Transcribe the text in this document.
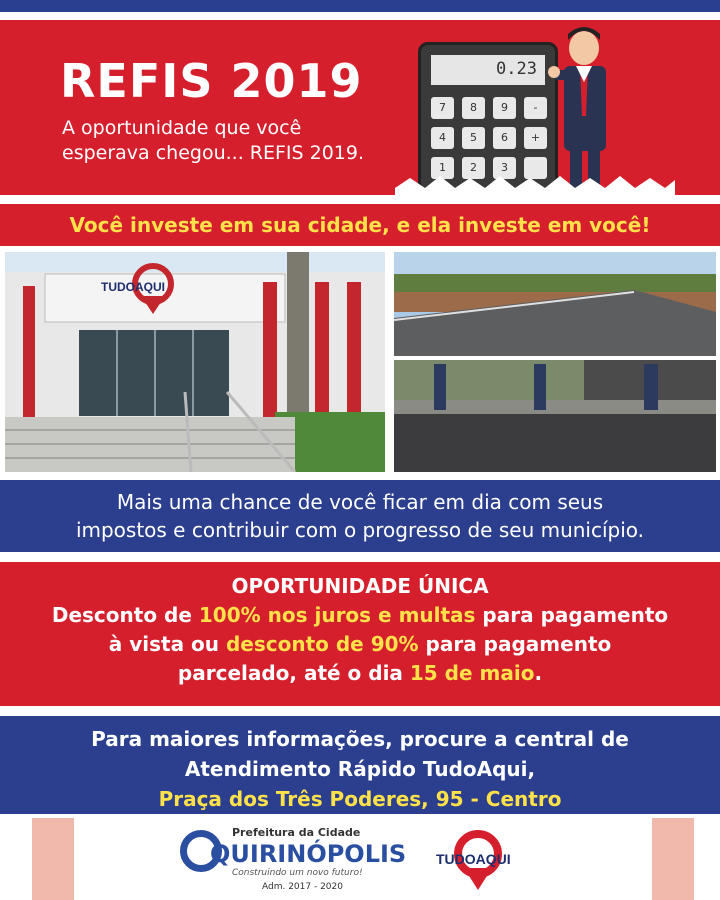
REFIS 2019
A oportunidade que você
esperava chegou... REFIS 2019.
0.23
7	8	9	-
4	5	6	+
1	2	3
Você investe em sua cidade, e ela investe em você!
TUDOAQUI
Mais uma chance de você ficar em dia com seus
impostos e contribuir com o progresso de seu município.
OPORTUNIDADE ÚNICA
Desconto de 100% nos juros e multas para pagamento
à vista ou desconto de 90% para pagamento
parcelado, até o dia 15 de maio.
Para maiores informações, procure a central de
Atendimento Rápido TudoAqui,
Praça dos Três Poderes, 95 - Centro
Prefeitura da Cidade
QUIRINÓPOLIS
Construindo um novo futuro!
Adm. 2017 - 2020
TUDOAQUI
